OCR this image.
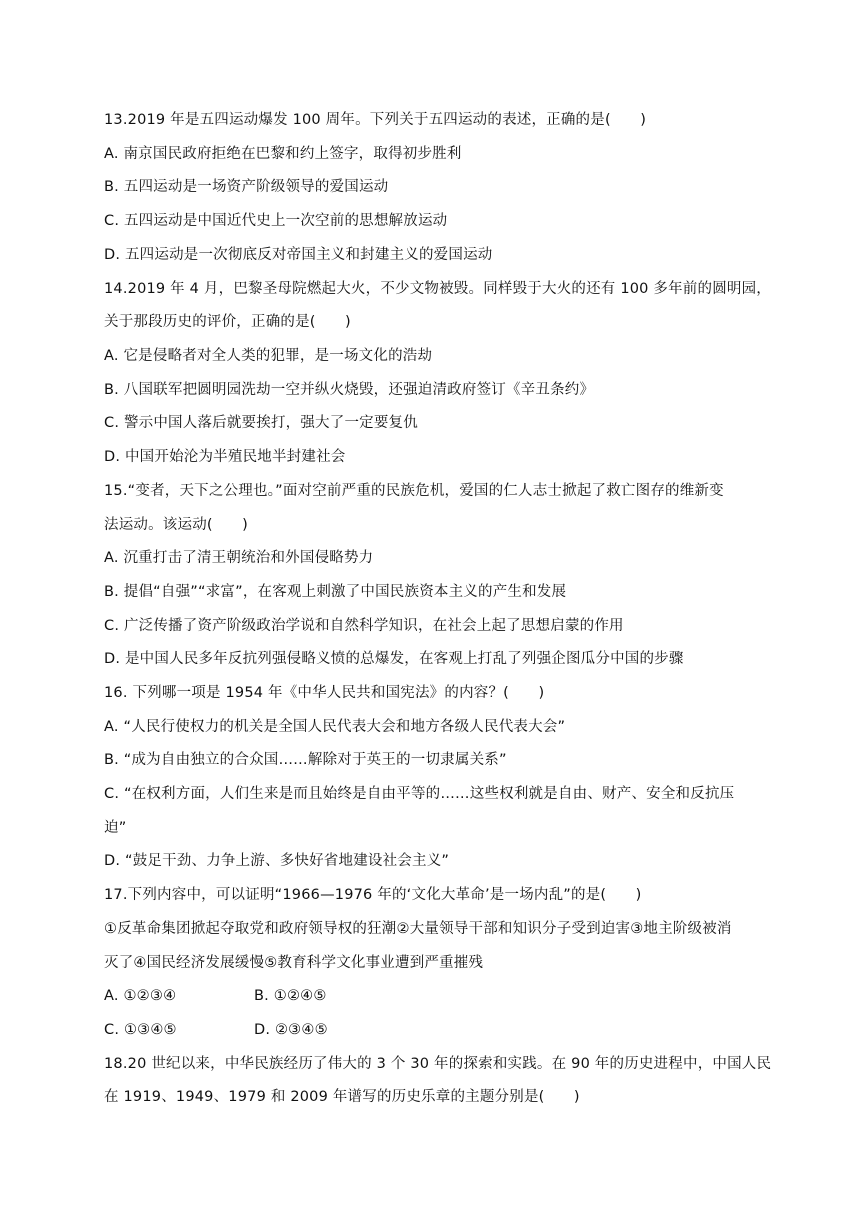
13.2019 年是五四运动爆发 100 周年。下列关于五四运动的表述，正确的是(　　)
A. 南京国民政府拒绝在巴黎和约上签字，取得初步胜利
B. 五四运动是一场资产阶级领导的爱国运动
C. 五四运动是中国近代史上一次空前的思想解放运动
D. 五四运动是一次彻底反对帝国主义和封建主义的爱国运动
14.2019 年 4 月，巴黎圣母院燃起大火，不少文物被毁。同样毁于大火的还有 100 多年前的圆明园，
关于那段历史的评价，正确的是(　　)
A. 它是侵略者对全人类的犯罪，是一场文化的浩劫
B. 八国联军把圆明园洗劫一空并纵火烧毁，还强迫清政府签订《辛丑条约》
C. 警示中国人落后就要挨打，强大了一定要复仇
D. 中国开始沦为半殖民地半封建社会
15.“变者，天下之公理也。”面对空前严重的民族危机，爱国的仁人志士掀起了救亡图存的维新变
法运动。该运动(　　)
A. 沉重打击了清王朝统治和外国侵略势力
B. 提倡“自强”“求富”，在客观上刺激了中国民族资本主义的产生和发展
C. 广泛传播了资产阶级政治学说和自然科学知识，在社会上起了思想启蒙的作用
D. 是中国人民多年反抗列强侵略义愤的总爆发，在客观上打乱了列强企图瓜分中国的步骤
16. 下列哪一项是 1954 年《中华人民共和国宪法》的内容？(　　)
A. “人民行使权力的机关是全国人民代表大会和地方各级人民代表大会”
B. “成为自由独立的合众国……解除对于英王的一切隶属关系”
C. “在权利方面，人们生来是而且始终是自由平等的……这些权利就是自由、财产、安全和反抗压
迫”
D. “鼓足干劲、力争上游、多快好省地建设社会主义”
17.下列内容中，可以证明“1966—1976 年的‘文化大革命’是一场内乱”的是(　　)
①反革命集团掀起夺取党和政府领导权的狂潮②大量领导干部和知识分子受到迫害③地主阶级被消
灭了④国民经济发展缓慢⑤教育科学文化事业遭到严重摧残
A. ①②③④	B. ①②④⑤
C. ①③④⑤	D. ②③④⑤
18.20 世纪以来，中华民族经历了伟大的 3 个 30 年的探索和实践。在 90 年的历史进程中，中国人民
在 1919、1949、1979 和 2009 年谱写的历史乐章的主题分别是(　　)
